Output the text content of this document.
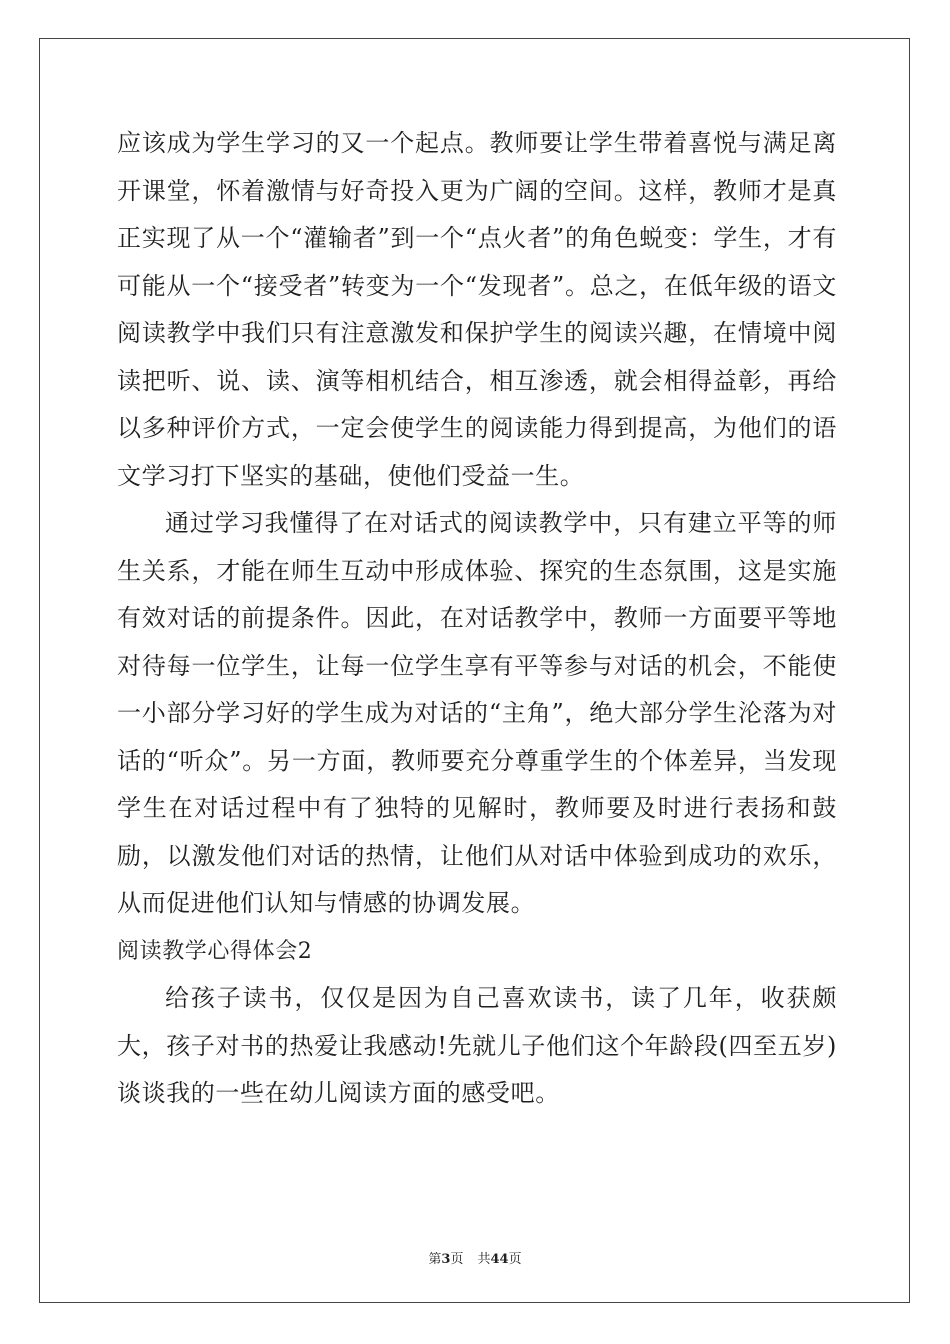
应该成为学生学习的又一个起点。教师要让学生带着喜悦与满足离开课堂，怀着激情与好奇投入更为广阔的空间。这样，教师才是真正实现了从一个“灌输者”到一个“点火者”的角色蜕变：学生，才有可能从一个“接受者”转变为一个“发现者”。总之，在低年级的语文阅读教学中我们只有注意激发和保护学生的阅读兴趣，在情境中阅读把听、说、读、演等相机结合，相互渗透，就会相得益彰，再给以多种评价方式，一定会使学生的阅读能力得到提高，为他们的语文学习打下坚实的基础，使他们受益一生。

通过学习我懂得了在对话式的阅读教学中，只有建立平等的师生关系，才能在师生互动中形成体验、探究的生态氛围，这是实施有效对话的前提条件。因此，在对话教学中，教师一方面要平等地对待每一位学生，让每一位学生享有平等参与对话的机会，不能使一小部分学习好的学生成为对话的“主角”，绝大部分学生沦落为对话的“听众”。另一方面，教师要充分尊重学生的个体差异，当发现学生在对话过程中有了独特的见解时，教师要及时进行表扬和鼓励，以激发他们对话的热情，让他们从对话中体验到成功的欢乐，从而促进他们认知与情感的协调发展。

阅读教学心得体会2

给孩子读书，仅仅是因为自己喜欢读书，读了几年，收获颇大，孩子对书的热爱让我感动!先就儿子他们这个年龄段(四至五岁)谈谈我的一些在幼儿阅读方面的感受吧。

第3页 共44页
